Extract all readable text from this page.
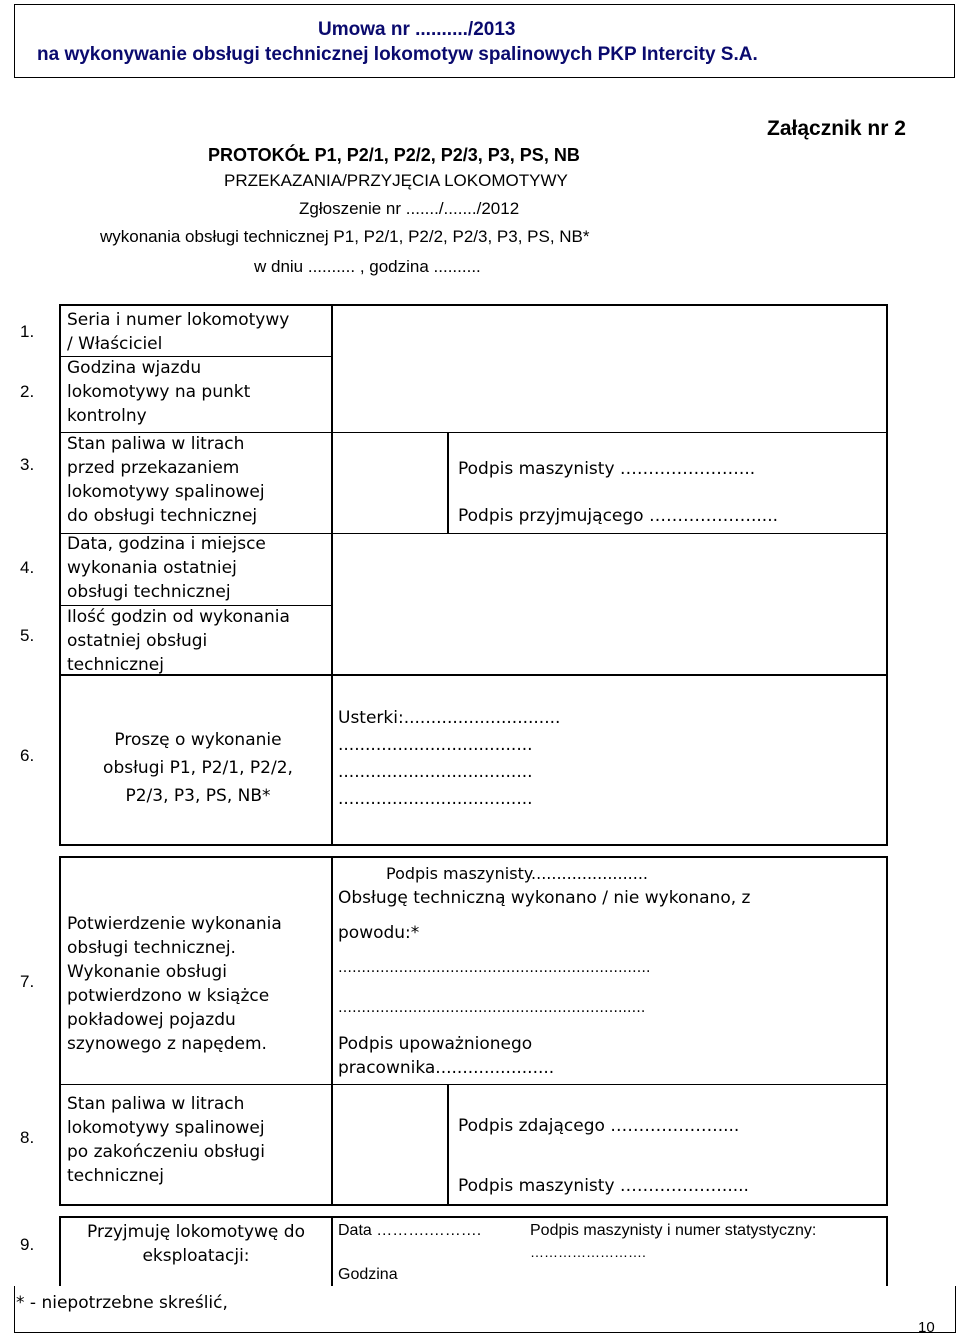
Umowa nr ........../2013
na wykonywanie obsługi technicznej lokomotyw spalinowych PKP Intercity S.A.
Załącznik nr 2
PROTOKÓŁ P1, P2/1, P2/2, P2/3, P3, PS, NB
PRZEKAZANIA/PRZYJĘCIA LOKOMOTYWY
Zgłoszenie nr ......./......./2012
wykonania obsługi technicznej P1, P2/1, P2/2, P2/3, P3, PS, NB*
w dniu .......... , godzina ..........
1.
2.
3.
4.
5.
Seria i numer lokomotywy
/ Właściciel
Godzina wjazdu
lokomotywy na punkt
kontrolny
Stan paliwa w litrach
przed przekazaniem
lokomotywy spalinowej
do obsługi technicznej
Data, godzina i miejsce
wykonania ostatniej
obsługi technicznej
Ilość godzin od wykonania
ostatniej obsługi
technicznej
Podpis maszynisty …………………...
Podpis przyjmującego ……………….....
6.
Proszę o wykonanie
obsługi P1, P2/1, P2/2,
P2/3, P3, PS, NB*
Usterki:.............................
....................................
....................................
....................................
7.
Potwierdzenie wykonania
obsługi technicznej.
Wykonanie obsługi
potwierdzono w książce
pokładowej pojazdu
szynowego z napędem.
Podpis maszynisty.......................
Obsługę techniczną wykonano / nie wykonano, z
powodu:*
………………………………………………………….
……………………………………………………..….
Podpis upoważnionego
pracownika......................
8.
Stan paliwa w litrach
lokomotywy spalinowej
po zakończeniu obsługi
technicznej
Podpis zdającego ……………….....
Podpis maszynisty ……………….....
9.
Przyjmuję lokomotywę do
eksploatacji:
Data ……….……….	Podpis maszynisty i numer statystyczny:
…………………….
Godzina
* - niepotrzebne skreślić,
10
